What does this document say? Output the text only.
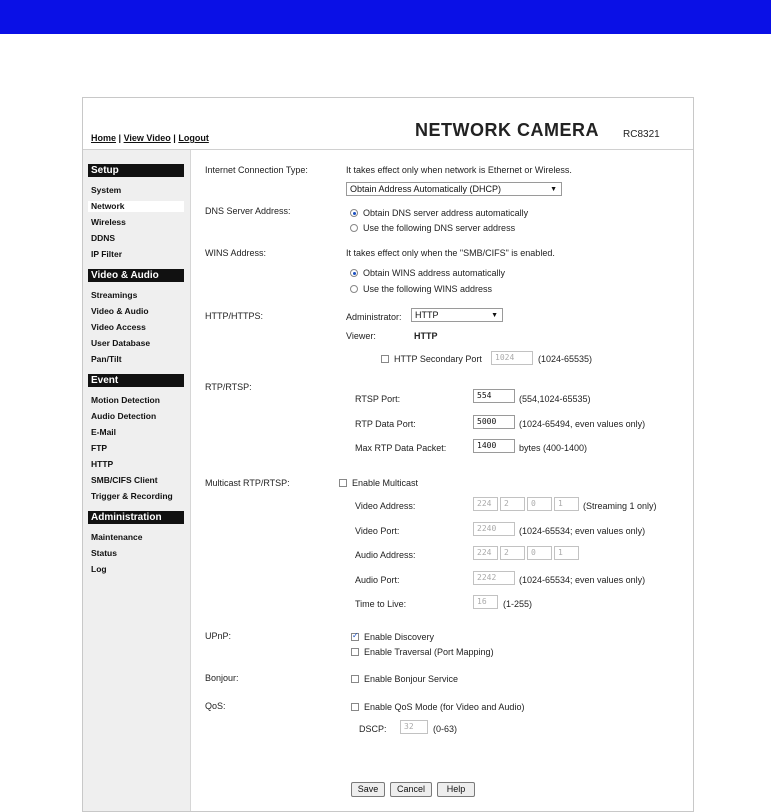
Home | View Video | Logout	NETWORK CAMERA RC8321
Setup
System
Network
Wireless
DDNS
IP Filter
Video & Audio
Streamings
Video & Audio
Video Access
User Database
Pan/Tilt
Event
Motion Detection
Audio Detection
E-Mail
FTP
HTTP
SMB/CIFS Client
Trigger & Recording
Administration
Maintenance
Status
Log
Internet Connection Type:	It takes effect only when network is Ethernet or Wireless.
Obtain Address Automatically (DHCP)	▼
DNS Server Address:	Obtain DNS server address automatically
Use the following DNS server address
WINS Address:	It takes effect only when the "SMB/CIFS" is enabled.
Obtain WINS address automatically
Use the following WINS address
HTTP/HTTPS:	Administrator:	HTTP	▼
Viewer:	HTTP
HTTP Secondary Port	1024	(1024-65535)
RTP/RTSP:
RTSP Port:	554	(554,1024-65535)
RTP Data Port:	5000	(1024-65494, even values only)
Max RTP Data Packet:	1400	bytes (400-1400)
Multicast RTP/RTSP:	Enable Multicast
Video Address:	224	2	0	1	(Streaming 1 only)
Video Port:	2240	(1024-65534; even values only)
Audio Address:	224	2	0	1
Audio Port:	2242	(1024-65534; even values only)
Time to Live:	16	(1-255)
UPnP:
✓	Enable Discovery
Enable Traversal (Port Mapping)
Bonjour:	Enable Bonjour Service
QoS:	Enable QoS Mode (for Video and Audio)
DSCP:	32	(0-63)
Save	Cancel	Help
